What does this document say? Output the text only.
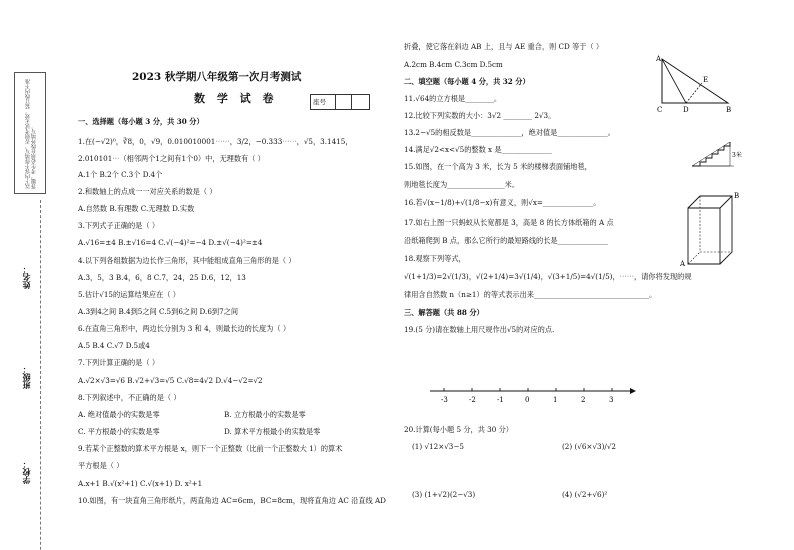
以下内容不得填写，否则考试无效。装订线内不准答题，考生必须在线外填写。
姓名：
班级：
学校：
2023 秋学期八年级第一次月考测试
数 学 试 卷	座号
一、选择题（每小题 3 分，共 30 分）
1.在(−√2)⁰，∛8，0，√9，0.010010001⋯⋯，3/2，−0.333⋯⋯，√5，3.1415，
2.010101⋯（相邻两个1之间有1个0）中，无理数有（ ）
A.1个 B.2个 C.3个 D.4个
2.和数轴上的点成一一对应关系的数是（ ）
A.自然数 B.有理数 C.无理数 D.实数
3.下列式子正确的是（ ）
A.√16=±4 B.±√16=4 C.√(−4)²=−4 D.±√(−4)²=±4
4.以下列各组数据为边长作三角形，其中能组成直角三角形的是（ ）
A.3，5，3 B.4，6，8 C.7，24，25 D.6，12，13
5.估计√15的运算结果应在（ ）
A.3到4之间 B.4到5之间 C.5到6之间 D.6到7之间
6.在直角三角形中，两边长分别为 3 和 4，则最长边的长度为（ ）
A.5 B.4 C.√7 D.5或4
7.下列计算正确的是（ ）
A.√2×√3=√6 B.√2+√3=√5 C.√8=4√2 D.√4−√2=√2
8.下列叙述中，不正确的是（ ）
A. 绝对值最小的实数是零	B. 立方根最小的实数是零
C. 平方根最小的实数是零	D. 算术平方根最小的实数是零
9.若某个正整数的算术平方根是 x，则下一个正整数（比前一个正整数大 1）的算术
平方根是（ ）
A.x+1 B.√(x²+1) C.√(x+1) D. x²+1
10.如图，有一块直角三角形纸片，两直角边 AC=6cm，BC=8cm，现将直角边 AC 沿直线 AD
折叠，使它落在斜边 AB 上，且与 AE 重合，则 CD 等于（ ）
A.2cm B.4cm C.3cm D.5cm
二、填空题（每小题 4 分，共 32 分）
11.√64的立方根是________。
12.比较下列实数的大小：3√2 ________ 2√3。
13.2−√5的相反数是______________，绝对值是______________。
14.满足√2<x<√5的整数 x 是______________
15.如图，在一个高为 3 米，长为 5 米的楼梯表面铺地毯，
则地毯长度为________________米。
16.若√(x−1/8)+√(1/8−x)有意义，则√x=______________。
17.如右上图一只蚂蚁从长宽都是 3，高是 8 的长方体纸箱的 A 点
沿纸箱爬到 B 点，那么它所行的最短路线的长是______________
18.观察下列等式，
√(1+1/3)=2√(1/3)，√(2+1/4)=3√(1/4)，√(3+1/5)=4√(1/5)，⋯⋯，请你将发现的规
律用含自然数 n（n≥1）的等式表示出来________________________________。
三、解答题（共 88 分）
19.(5 分)请在数轴上用尺规作出√5的对应的点.
20.计算(每小题 5 分，共 30 分）
(1) √12×√3−5	(2) (√6×√3)/√2
(3) (1+√2)(2−√3)	(4) (√2+√6)²
A
E
C	D	B
3米
A
B
-3	-2	-1	0	1	2	3
